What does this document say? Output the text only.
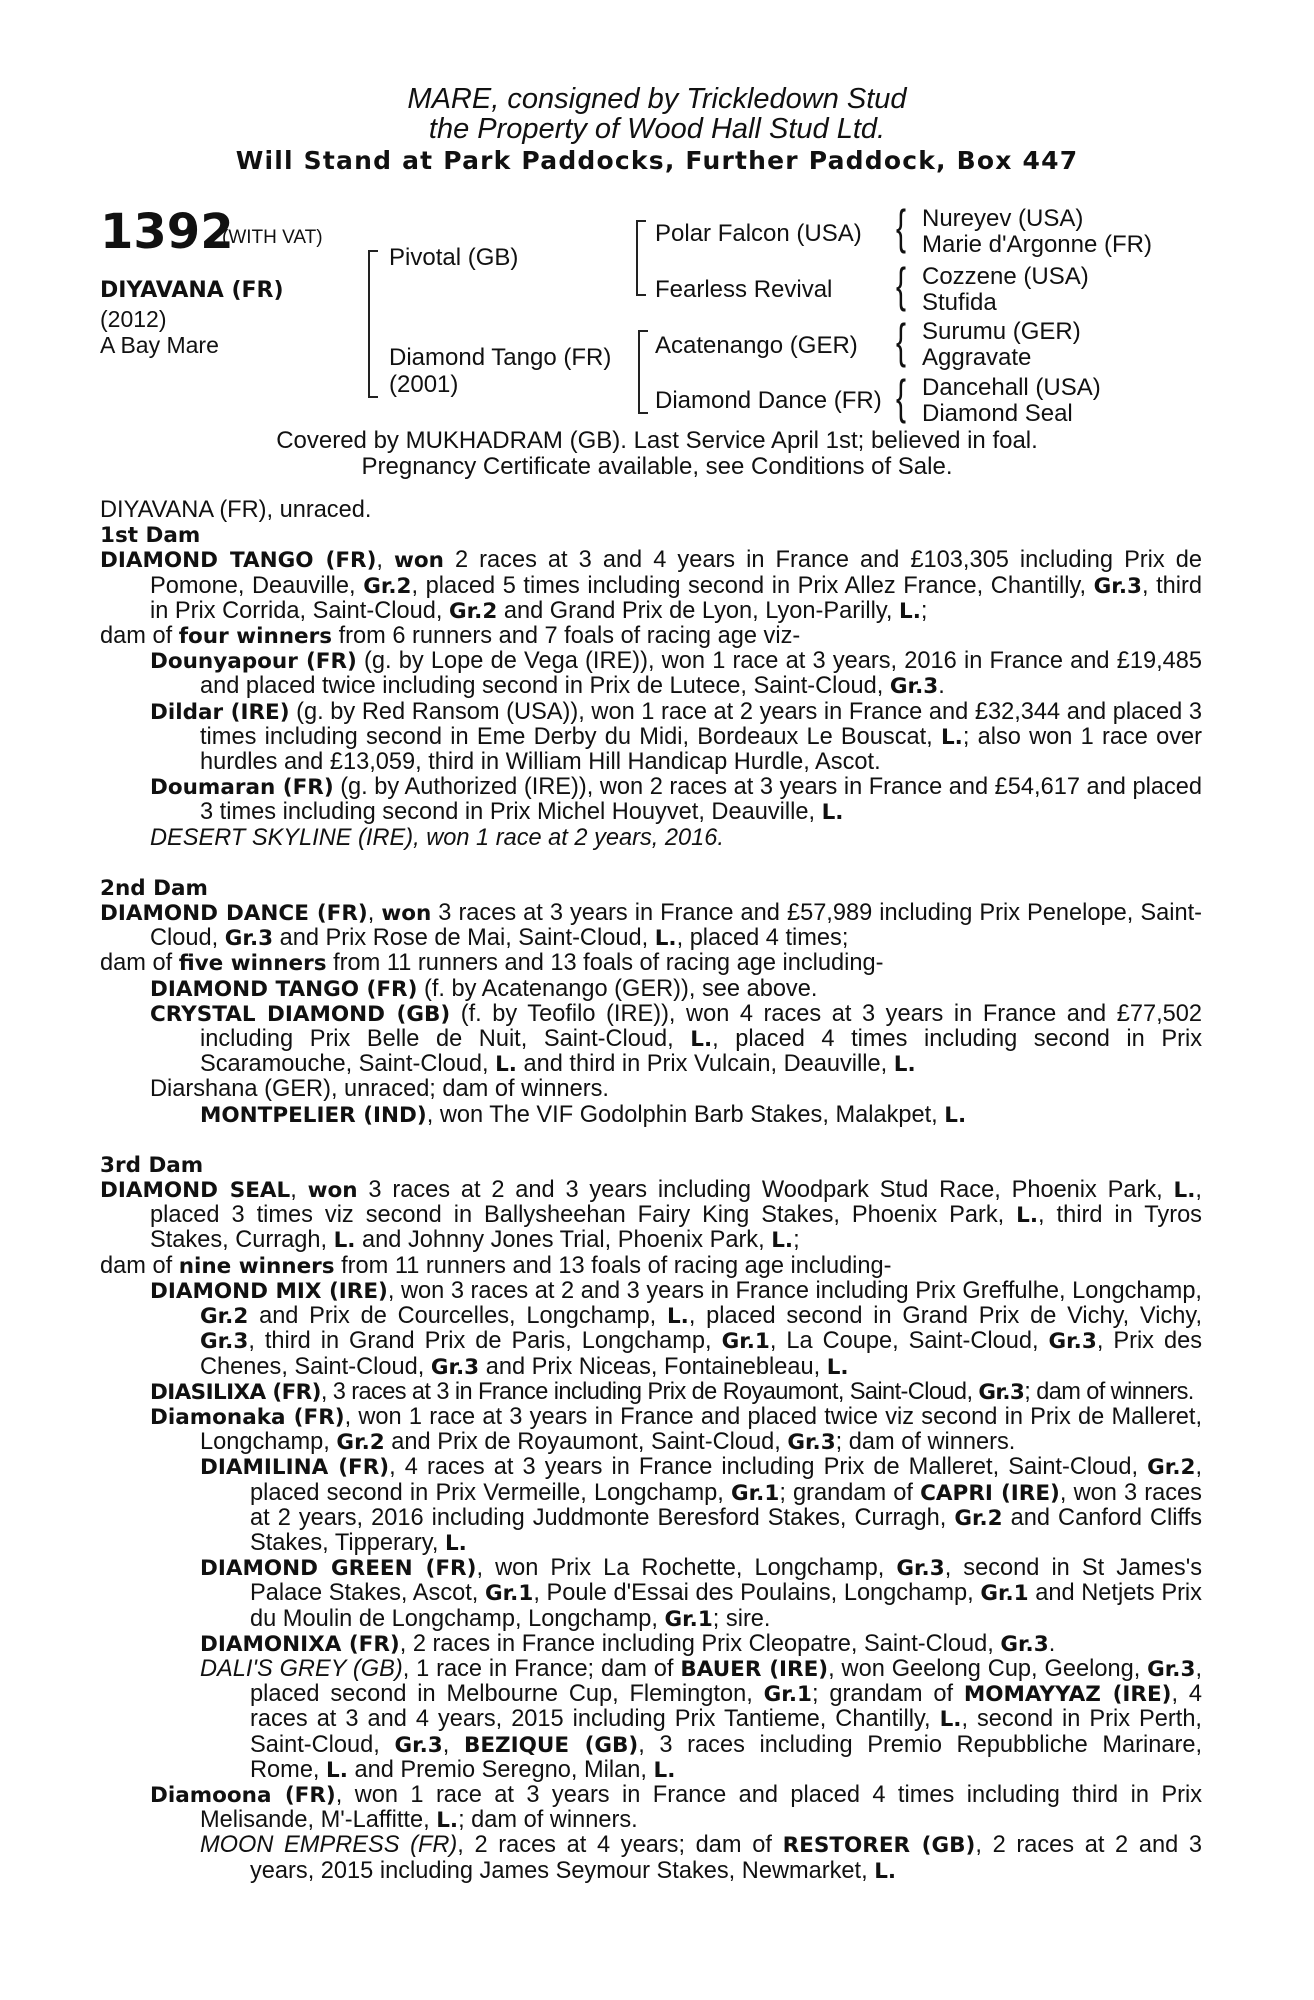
MARE, consigned by Trickledown Stud
the Property of Wood Hall Stud Ltd.
Will Stand at Park Paddocks, Further Paddock, Box 447
1392
(WITH VAT)
DIYAVANA (FR)
(2012)
A Bay Mare
Pivotal (GB)
Diamond Tango (FR)
(2001)
Polar Falcon (USA)
Fearless Revival
Acatenango (GER)
Diamond Dance (FR)
{ Nureyev (USA)
Marie d'Argonne (FR)
{ Cozzene (USA)
Stufida
{ Surumu (GER)
Aggravate
{ Dancehall (USA)
Diamond Seal
Covered by MUKHADRAM (GB). Last Service April 1st; believed in foal.
Pregnancy Certificate available, see Conditions of Sale.

DIYAVANA (FR), unraced.

1st Dam

DIAMOND TANGO (FR), won 2 races at 3 and 4 years in France and £103,305 including Prix de Pomone, Deauville, Gr.2, placed 5 times including second in Prix Allez France, Chantilly, Gr.3, third in Prix Corrida, Saint-Cloud, Gr.2 and Grand Prix de Lyon, Lyon-Parilly, L.;

dam of four winners from 6 runners and 7 foals of racing age viz-

Dounyapour (FR) (g. by Lope de Vega (IRE)), won 1 race at 3 years, 2016 in France and £19,485 and placed twice including second in Prix de Lutece, Saint-Cloud, Gr.3.

Dildar (IRE) (g. by Red Ransom (USA)), won 1 race at 2 years in France and £32,344 and placed 3 times including second in Eme Derby du Midi, Bordeaux Le Bouscat, L.; also won 1 race over hurdles and £13,059, third in William Hill Handicap Hurdle, Ascot.

Doumaran (FR) (g. by Authorized (IRE)), won 2 races at 3 years in France and £54,617 and placed 3 times including second in Prix Michel Houyvet, Deauville, L.

DESERT SKYLINE (IRE), won 1 race at 2 years, 2016.

2nd Dam

DIAMOND DANCE (FR), won 3 races at 3 years in France and £57,989 including Prix Penelope, Saint-Cloud, Gr.3 and Prix Rose de Mai, Saint-Cloud, L., placed 4 times;

dam of five winners from 11 runners and 13 foals of racing age including-

DIAMOND TANGO (FR) (f. by Acatenango (GER)), see above.

CRYSTAL DIAMOND (GB) (f. by Teofilo (IRE)), won 4 races at 3 years in France and £77,502 including Prix Belle de Nuit, Saint-Cloud, L., placed 4 times including second in Prix Scaramouche, Saint-Cloud, L. and third in Prix Vulcain, Deauville, L.

Diarshana (GER), unraced; dam of winners.

MONTPELIER (IND), won The VIF Godolphin Barb Stakes, Malakpet, L.

3rd Dam

DIAMOND SEAL, won 3 races at 2 and 3 years including Woodpark Stud Race, Phoenix Park, L., placed 3 times viz second in Ballysheehan Fairy King Stakes, Phoenix Park, L., third in Tyros Stakes, Curragh, L. and Johnny Jones Trial, Phoenix Park, L.;

dam of nine winners from 11 runners and 13 foals of racing age including-

DIAMOND MIX (IRE), won 3 races at 2 and 3 years in France including Prix Greffulhe, Longchamp, Gr.2 and Prix de Courcelles, Longchamp, L., placed second in Grand Prix de Vichy, Vichy, Gr.3, third in Grand Prix de Paris, Longchamp, Gr.1, La Coupe, Saint-Cloud, Gr.3, Prix des Chenes, Saint-Cloud, Gr.3 and Prix Niceas, Fontainebleau, L.

DIASILIXA (FR), 3 races at 3 in France including Prix de Royaumont, Saint-Cloud, Gr.3; dam of winners.

Diamonaka (FR), won 1 race at 3 years in France and placed twice viz second in Prix de Malleret, Longchamp, Gr.2 and Prix de Royaumont, Saint-Cloud, Gr.3; dam of winners.

DIAMILINA (FR), 4 races at 3 years in France including Prix de Malleret, Saint-Cloud, Gr.2, placed second in Prix Vermeille, Longchamp, Gr.1; grandam of CAPRI (IRE), won 3 races at 2 years, 2016 including Juddmonte Beresford Stakes, Curragh, Gr.2 and Canford Cliffs Stakes, Tipperary, L.

DIAMOND GREEN (FR), won Prix La Rochette, Longchamp, Gr.3, second in St James's Palace Stakes, Ascot, Gr.1, Poule d'Essai des Poulains, Longchamp, Gr.1 and Netjets Prix du Moulin de Longchamp, Longchamp, Gr.1; sire.

DIAMONIXA (FR), 2 races in France including Prix Cleopatre, Saint-Cloud, Gr.3.

DALI'S GREY (GB), 1 race in France; dam of BAUER (IRE), won Geelong Cup, Geelong, Gr.3, placed second in Melbourne Cup, Flemington, Gr.1; grandam of MOMAYYAZ (IRE), 4 races at 3 and 4 years, 2015 including Prix Tantieme, Chantilly, L., second in Prix Perth, Saint-Cloud, Gr.3, BEZIQUE (GB), 3 races including Premio Repubbliche Marinare, Rome, L. and Premio Seregno, Milan, L.

Diamoona (FR), won 1 race at 3 years in France and placed 4 times including third in Prix Melisande, M'-Laffitte, L.; dam of winners.

MOON EMPRESS (FR), 2 races at 4 years; dam of RESTORER (GB), 2 races at 2 and 3 years, 2015 including James Seymour Stakes, Newmarket, L.
